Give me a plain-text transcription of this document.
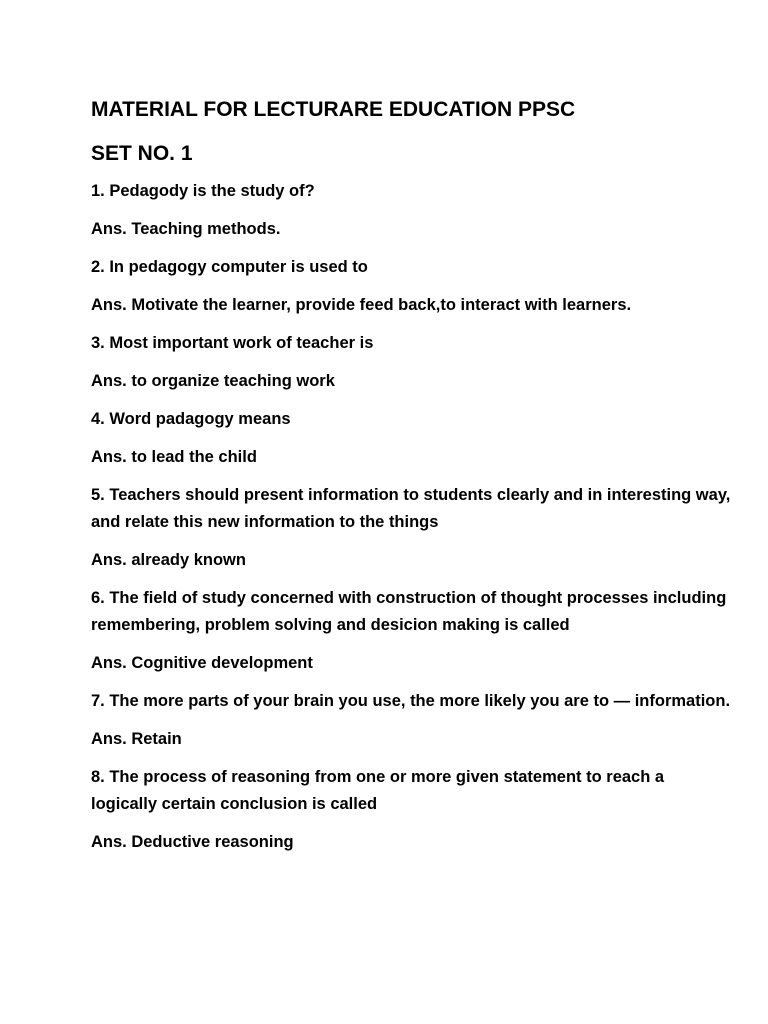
MATERIAL FOR LECTURARE EDUCATION PPSC
SET NO. 1

1. Pedagody is the study of?

Ans. Teaching methods.

2. In pedagogy computer is used to

Ans. Motivate the learner, provide feed back,to interact with learners.

3. Most important work of teacher is

Ans. to organize teaching work

4. Word padagogy means

Ans. to lead the child

5. Teachers should present information to students clearly and in interesting way, and relate this new information to the things

Ans. already known

6. The field of study concerned with construction of thought processes including remembering, problem solving and desicion making is called

Ans. Cognitive development

7. The more parts of your brain you use, the more likely you are to — information.

Ans. Retain

8. The process of reasoning from one or more given statement to reach a logically certain conclusion is called

Ans. Deductive reasoning
